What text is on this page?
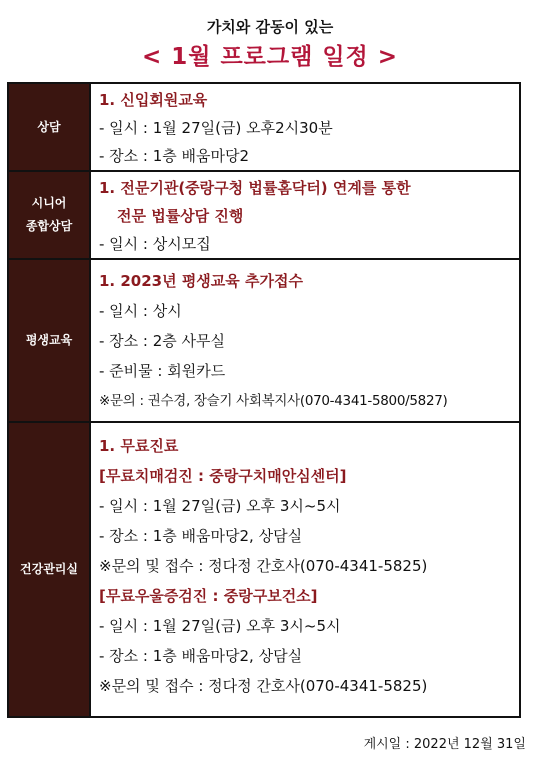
가치와 감동이 있는
< 1월 프로그램 일정 >
상담
1. 신입회원교육
- 일시 : 1월 27일(금) 오후2시30분
- 장소 : 1층 배움마당2
시니어
종합상담
1. 전문기관(중랑구청 법률홈닥터) 연계를 통한
전문 법률상담 진행
- 일시 : 상시모집
평생교육
1. 2023년 평생교육 추가접수
- 일시 : 상시
- 장소 : 2층 사무실
- 준비물 : 회원카드
※문의 : 권수경, 장슬기 사회복지사(070-4341-5800/5827)
건강관리실
1. 무료진료
[무료치매검진 : 중랑구치매안심센터]
- 일시 : 1월 27일(금) 오후 3시~5시
- 장소 : 1층 배움마당2, 상담실
※문의 및 접수 : 정다정 간호사(070-4341-5825)
[무료우울증검진 : 중랑구보건소]
- 일시 : 1월 27일(금) 오후 3시~5시
- 장소 : 1층 배움마당2, 상담실
※문의 및 접수 : 정다정 간호사(070-4341-5825)
게시일 : 2022년 12월 31일
